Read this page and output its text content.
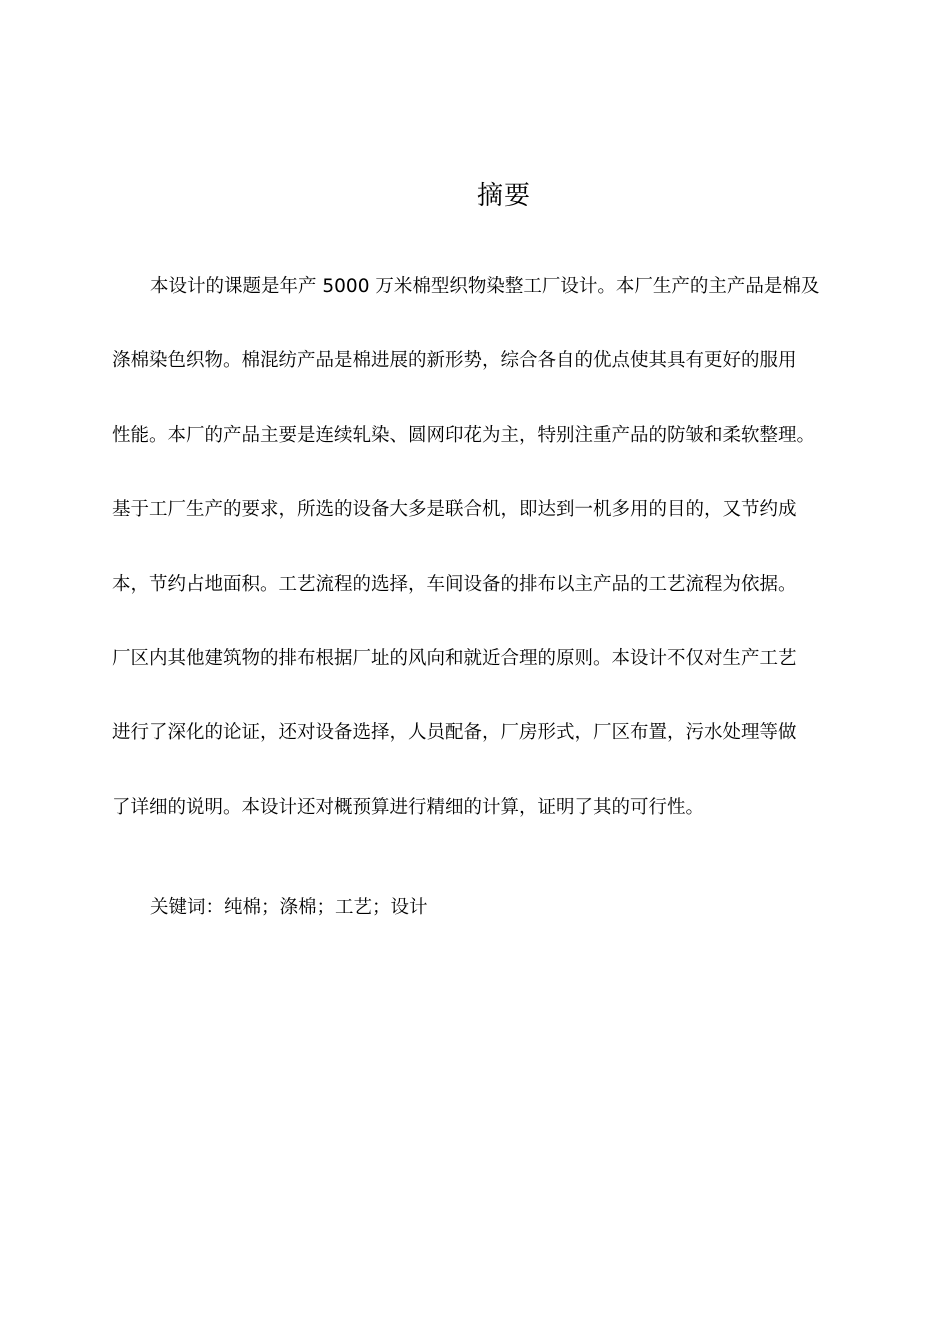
摘要
本设计的课题是年产 5000 万米棉型织物染整工厂设计。本厂生产的主产品是棉及
涤棉染色织物。棉混纺产品是棉进展的新形势，综合各自的优点使其具有更好的服用
性能。本厂的产品主要是连续轧染、圆网印花为主，特别注重产品的防皱和柔软整理。
基于工厂生产的要求，所选的设备大多是联合机，即达到一机多用的目的，又节约成
本，节约占地面积。工艺流程的选择，车间设备的排布以主产品的工艺流程为依据。
厂区内其他建筑物的排布根据厂址的风向和就近合理的原则。本设计不仅对生产工艺
进行了深化的论证，还对设备选择，人员配备，厂房形式，厂区布置，污水处理等做
了详细的说明。本设计还对概预算进行精细的计算，证明了其的可行性。
关键词：纯棉；涤棉；工艺；设计
